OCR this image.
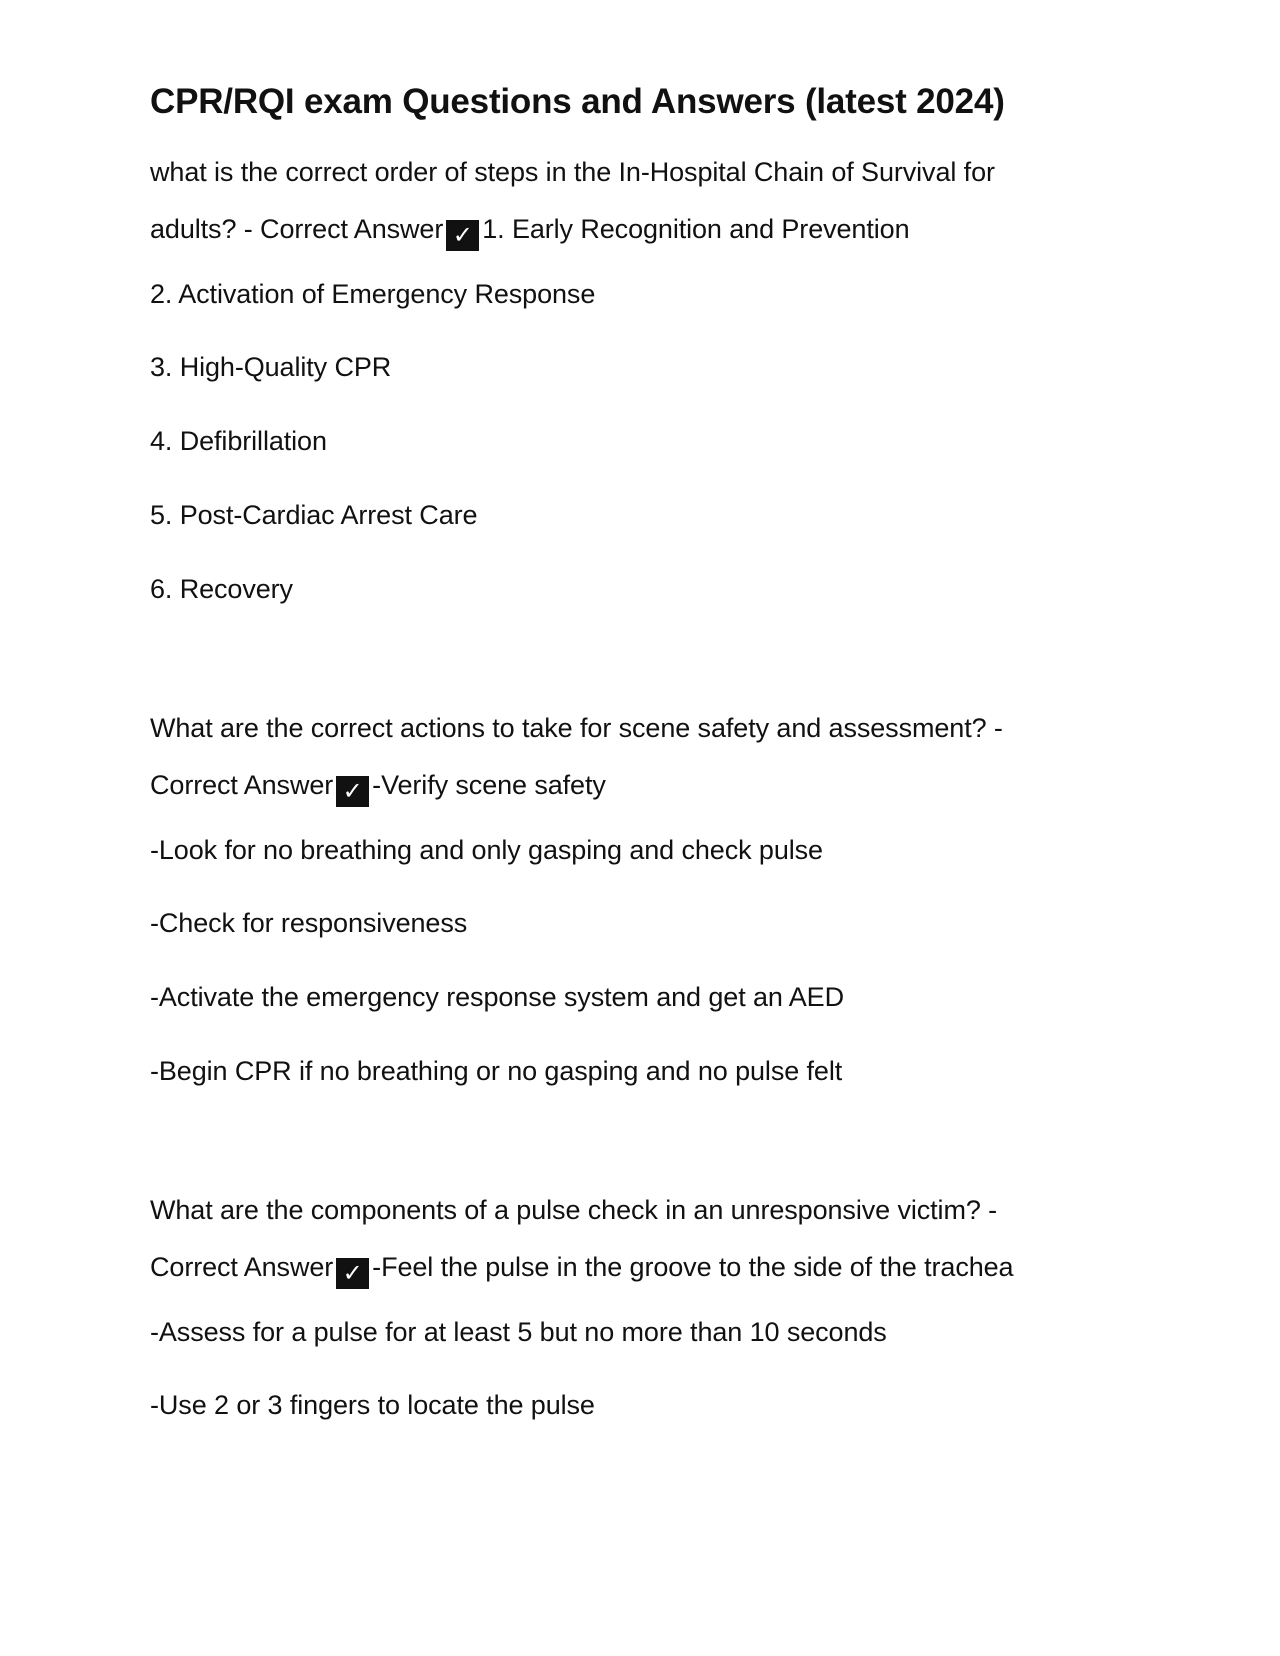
CPR/RQI exam Questions and Answers (latest 2024)
what is the correct order of steps in the In-Hospital Chain of Survival for
adults? - Correct Answer ✓ 1. Early Recognition and Prevention
2. Activation of Emergency Response
3. High-Quality CPR
4. Defibrillation
5. Post-Cardiac Arrest Care
6. Recovery
What are the correct actions to take for scene safety and assessment? -
Correct Answer ✓ -Verify scene safety
-Look for no breathing and only gasping and check pulse
-Check for responsiveness
-Activate the emergency response system and get an AED
-Begin CPR if no breathing or no gasping and no pulse felt
What are the components of a pulse check in an unresponsive victim? -
Correct Answer ✓ -Feel the pulse in the groove to the side of the trachea
-Assess for a pulse for at least 5 but no more than 10 seconds
-Use 2 or 3 fingers to locate the pulse
